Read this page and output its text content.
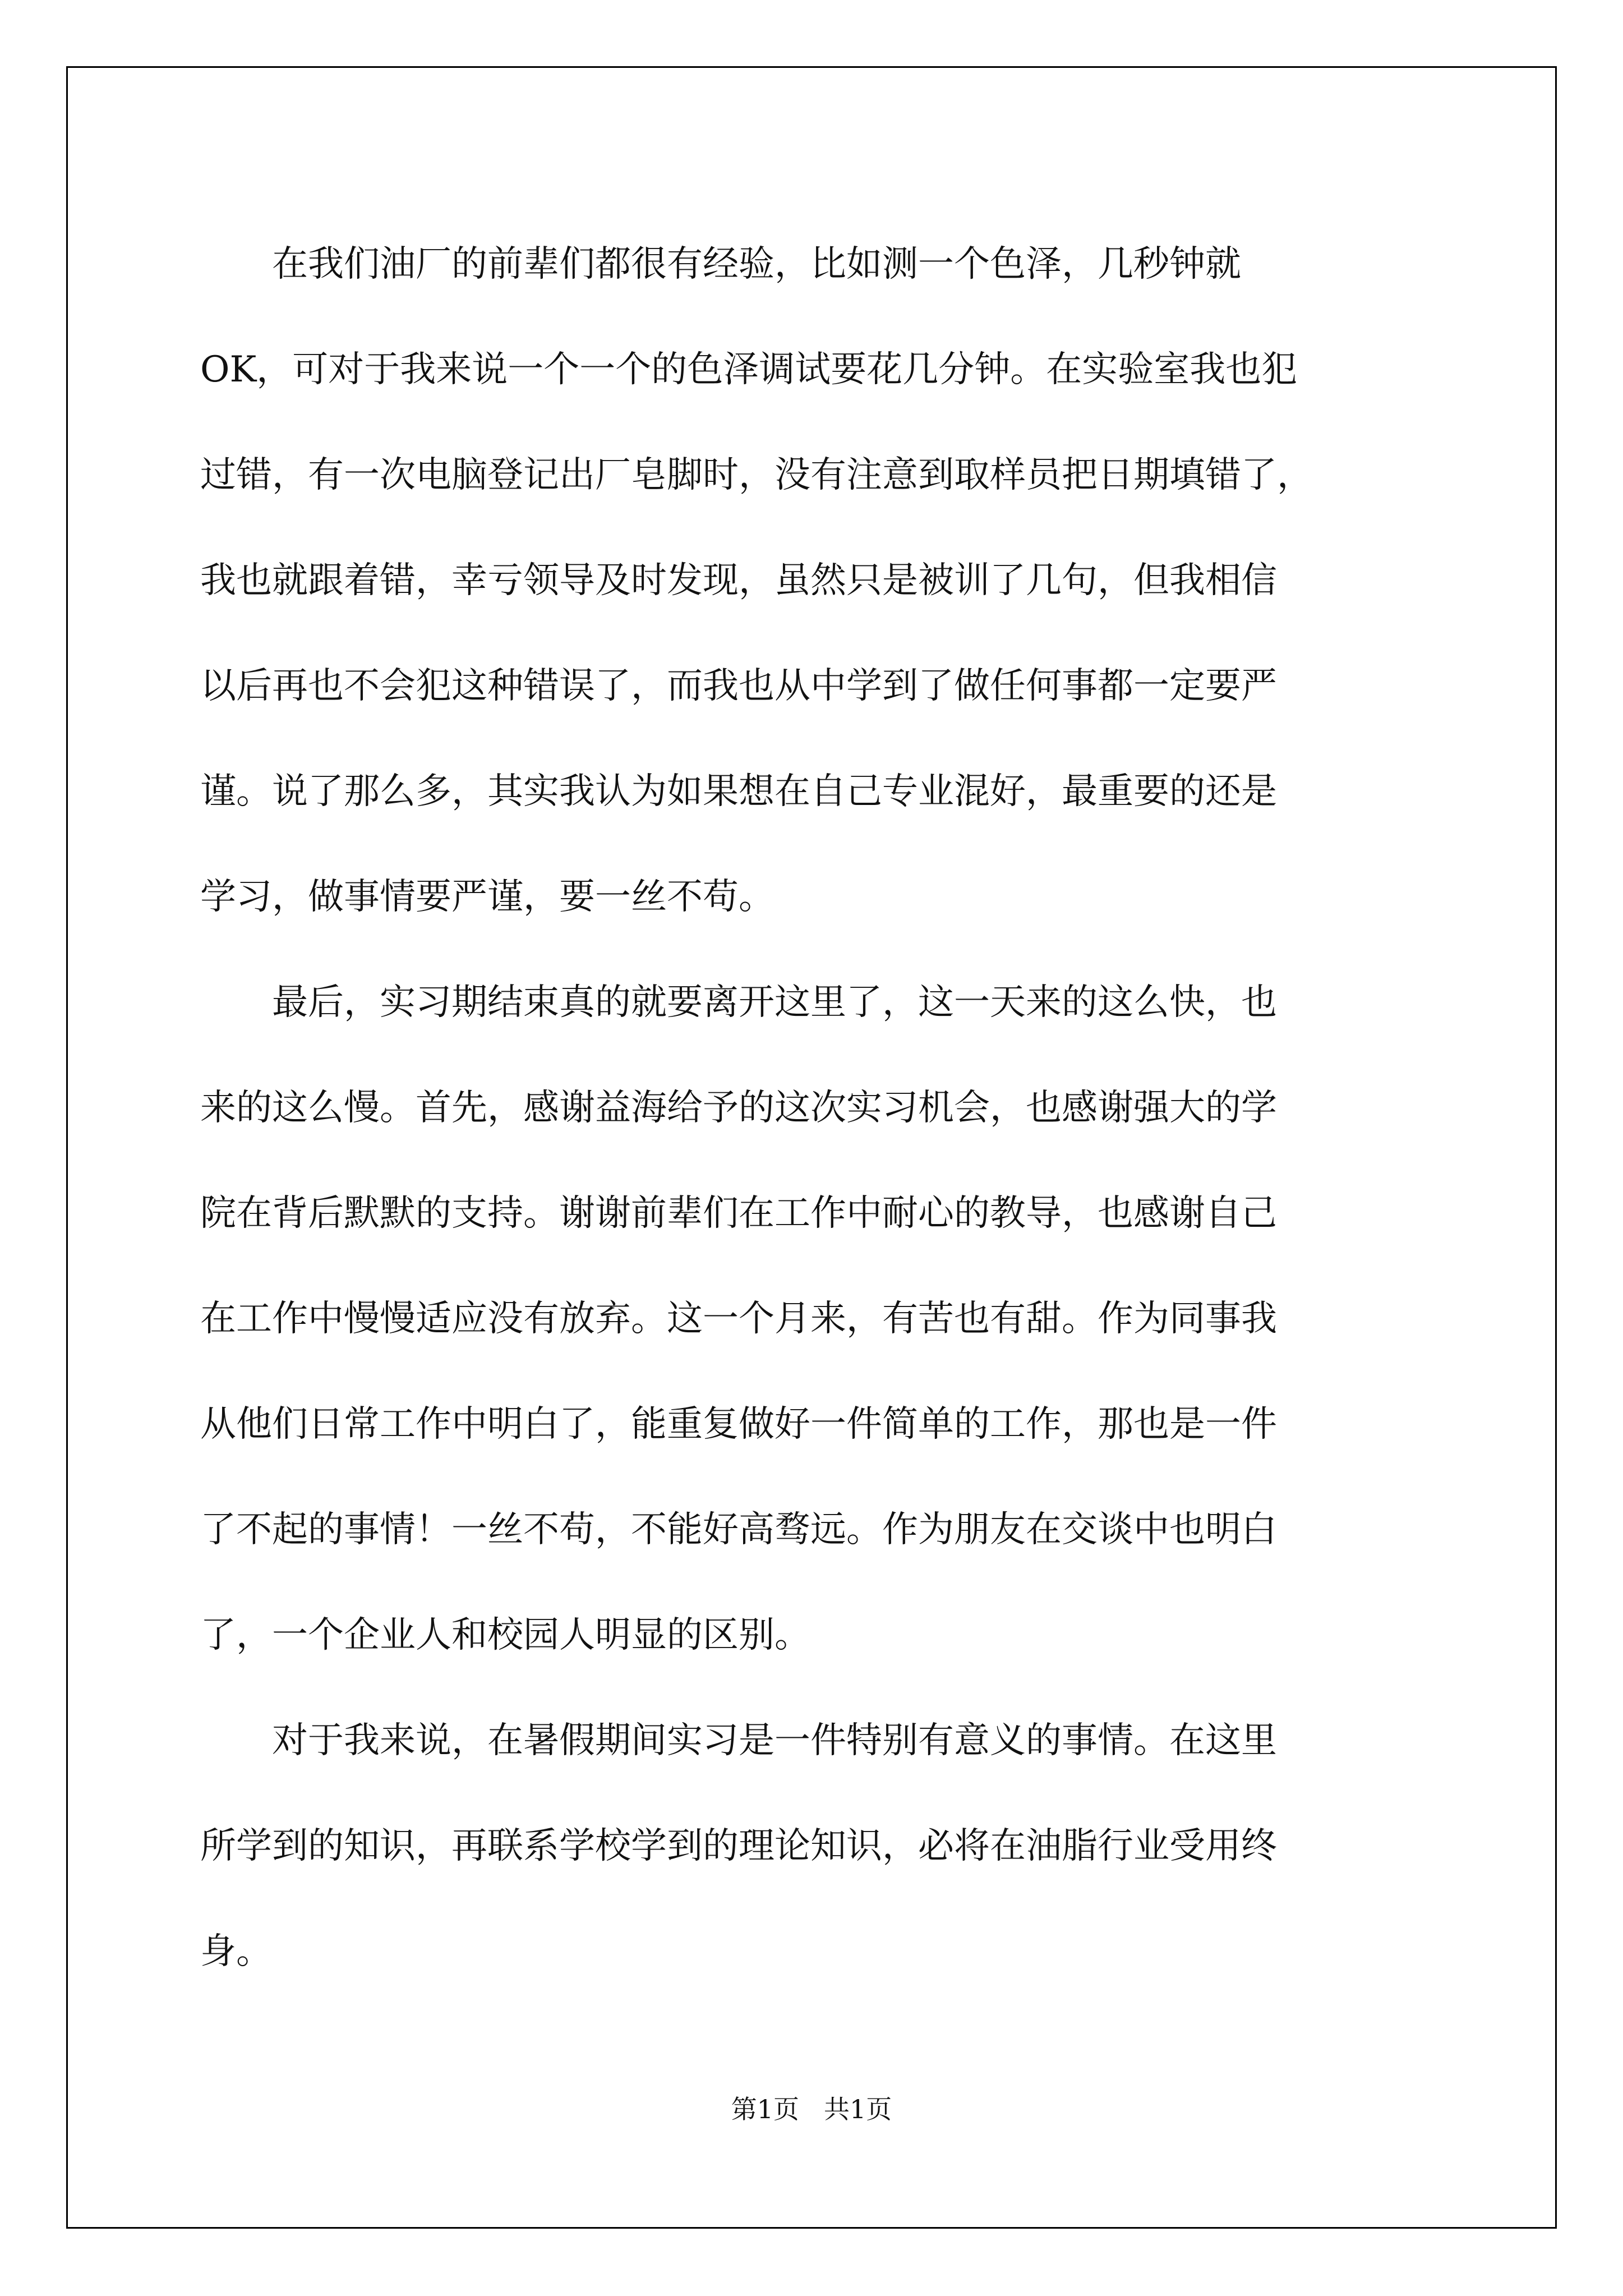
　　在我们油厂的前辈们都很有经验，比如测一个色泽，几秒钟就
OK，可对于我来说一个一个的色泽调试要花几分钟。在实验室我也犯
过错，有一次电脑登记出厂皂脚时，没有注意到取样员把日期填错了，
我也就跟着错，幸亏领导及时发现，虽然只是被训了几句，但我相信
以后再也不会犯这种错误了，而我也从中学到了做任何事都一定要严
谨。说了那么多，其实我认为如果想在自己专业混好，最重要的还是
学习，做事情要严谨，要一丝不苟。
　　最后，实习期结束真的就要离开这里了，这一天来的这么快，也
来的这么慢。首先，感谢益海给予的这次实习机会，也感谢强大的学
院在背后默默的支持。谢谢前辈们在工作中耐心的教导，也感谢自己
在工作中慢慢适应没有放弃。这一个月来，有苦也有甜。作为同事我
从他们日常工作中明白了，能重复做好一件简单的工作，那也是一件
了不起的事情！一丝不苟，不能好高骛远。作为朋友在交谈中也明白
了，一个企业人和校园人明显的区别。
　　对于我来说，在暑假期间实习是一件特别有意义的事情。在这里
所学到的知识，再联系学校学到的理论知识，必将在油脂行业受用终
身。
第1页 共1页
